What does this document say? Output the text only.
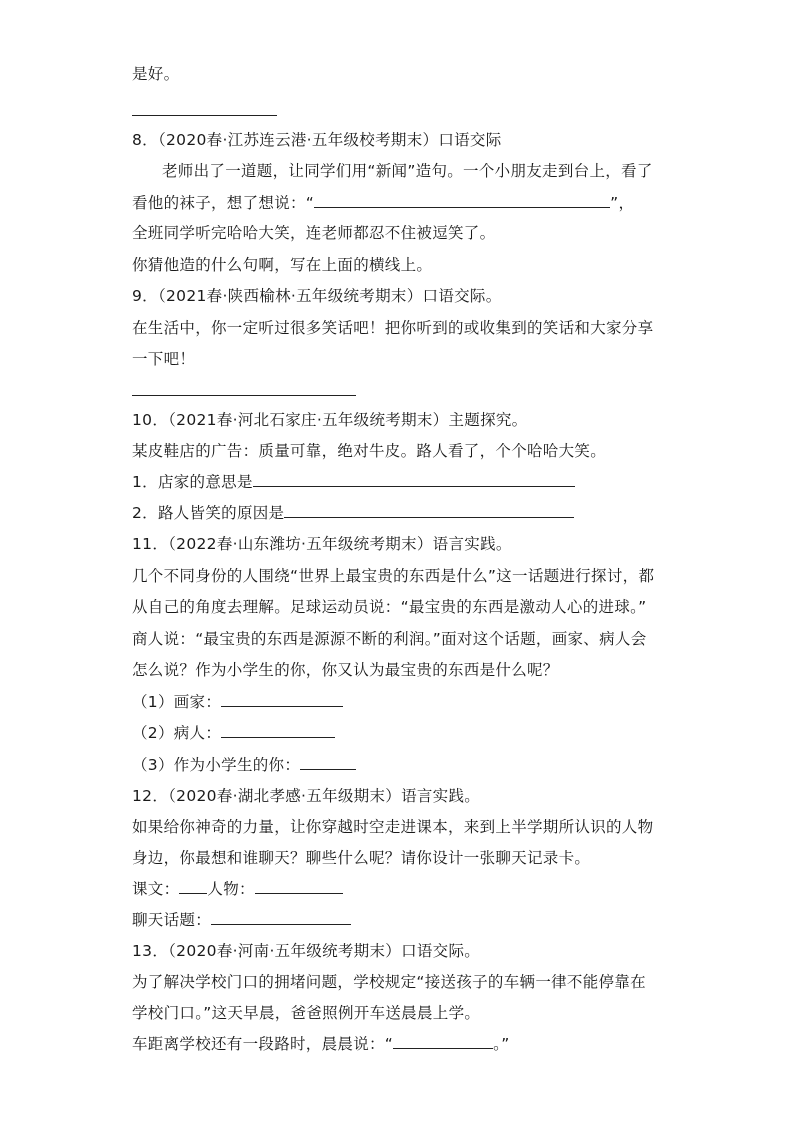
是好。
8．（2020春·江苏连云港·五年级校考期末）口语交际
老师出了一道题，让同学们用“新闻”造句。一个小朋友走到台上，看了
看他的袜子，想了想说：“	”，
全班同学听完哈哈大笑，连老师都忍不住被逗笑了。
你猜他造的什么句啊，写在上面的横线上。
9．（2021春·陕西榆林·五年级统考期末）口语交际。
在生活中，你一定听过很多笑话吧！把你听到的或收集到的笑话和大家分享
一下吧！
10．（2021春·河北石家庄·五年级统考期末）主题探究。
某皮鞋店的广告：质量可靠，绝对牛皮。路人看了，个个哈哈大笑。
1．店家的意思是
2．路人皆笑的原因是
11．（2022春·山东潍坊·五年级统考期末）语言实践。
几个不同身份的人围绕“世界上最宝贵的东西是什么”这一话题进行探讨，都
从自己的角度去理解。足球运动员说：“最宝贵的东西是激动人心的进球。”
商人说：“最宝贵的东西是源源不断的利润。”面对这个话题，画家、病人会
怎么说？作为小学生的你，你又认为最宝贵的东西是什么呢？
（1）画家：
（2）病人：
（3）作为小学生的你：
12．（2020春·湖北孝感·五年级期末）语言实践。
如果给你神奇的力量，让你穿越时空走进课本，来到上半学期所认识的人物
身边，你最想和谁聊天？聊些什么呢？请你设计一张聊天记录卡。
课文： 人物：
聊天话题：
13．（2020春·河南·五年级统考期末）口语交际。
为了解决学校门口的拥堵问题，学校规定“接送孩子的车辆一律不能停靠在
学校门口。”这天早晨，爸爸照例开车送晨晨上学。
车距离学校还有一段路时，晨晨说：“	。”
